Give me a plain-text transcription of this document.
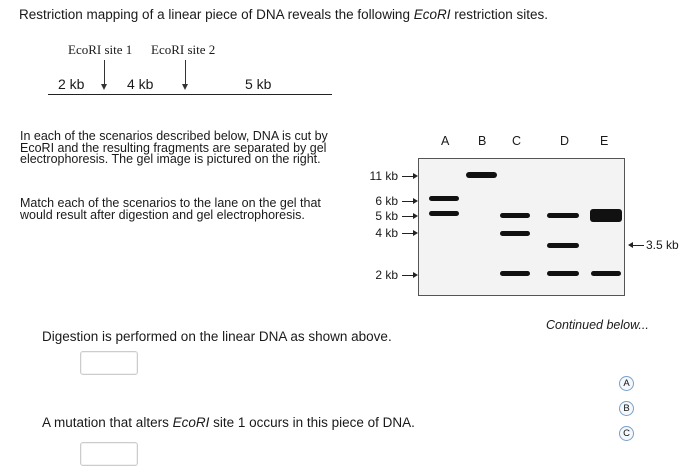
Restriction mapping of a linear piece of DNA reveals the following EcoRI restriction sites.
EcoRI site 1 EcoRI site 2
2 kb	4 kb	5 kb
In each of the scenarios described below, DNA is cut by EcoRI and the resulting fragments are separated by gel electrophoresis. The gel image is pictured on the right.
Match each of the scenarios to the lane on the gel that would result after digestion and gel electrophoresis.
A B C	D E
11 kb
6 kb
5 kb
4 kb
2 kb
3.5 kb
Continued below...
Digestion is performed on the linear DNA as shown above.
A mutation that alters EcoRI site 1 occurs in this piece of DNA.
A
B
C
